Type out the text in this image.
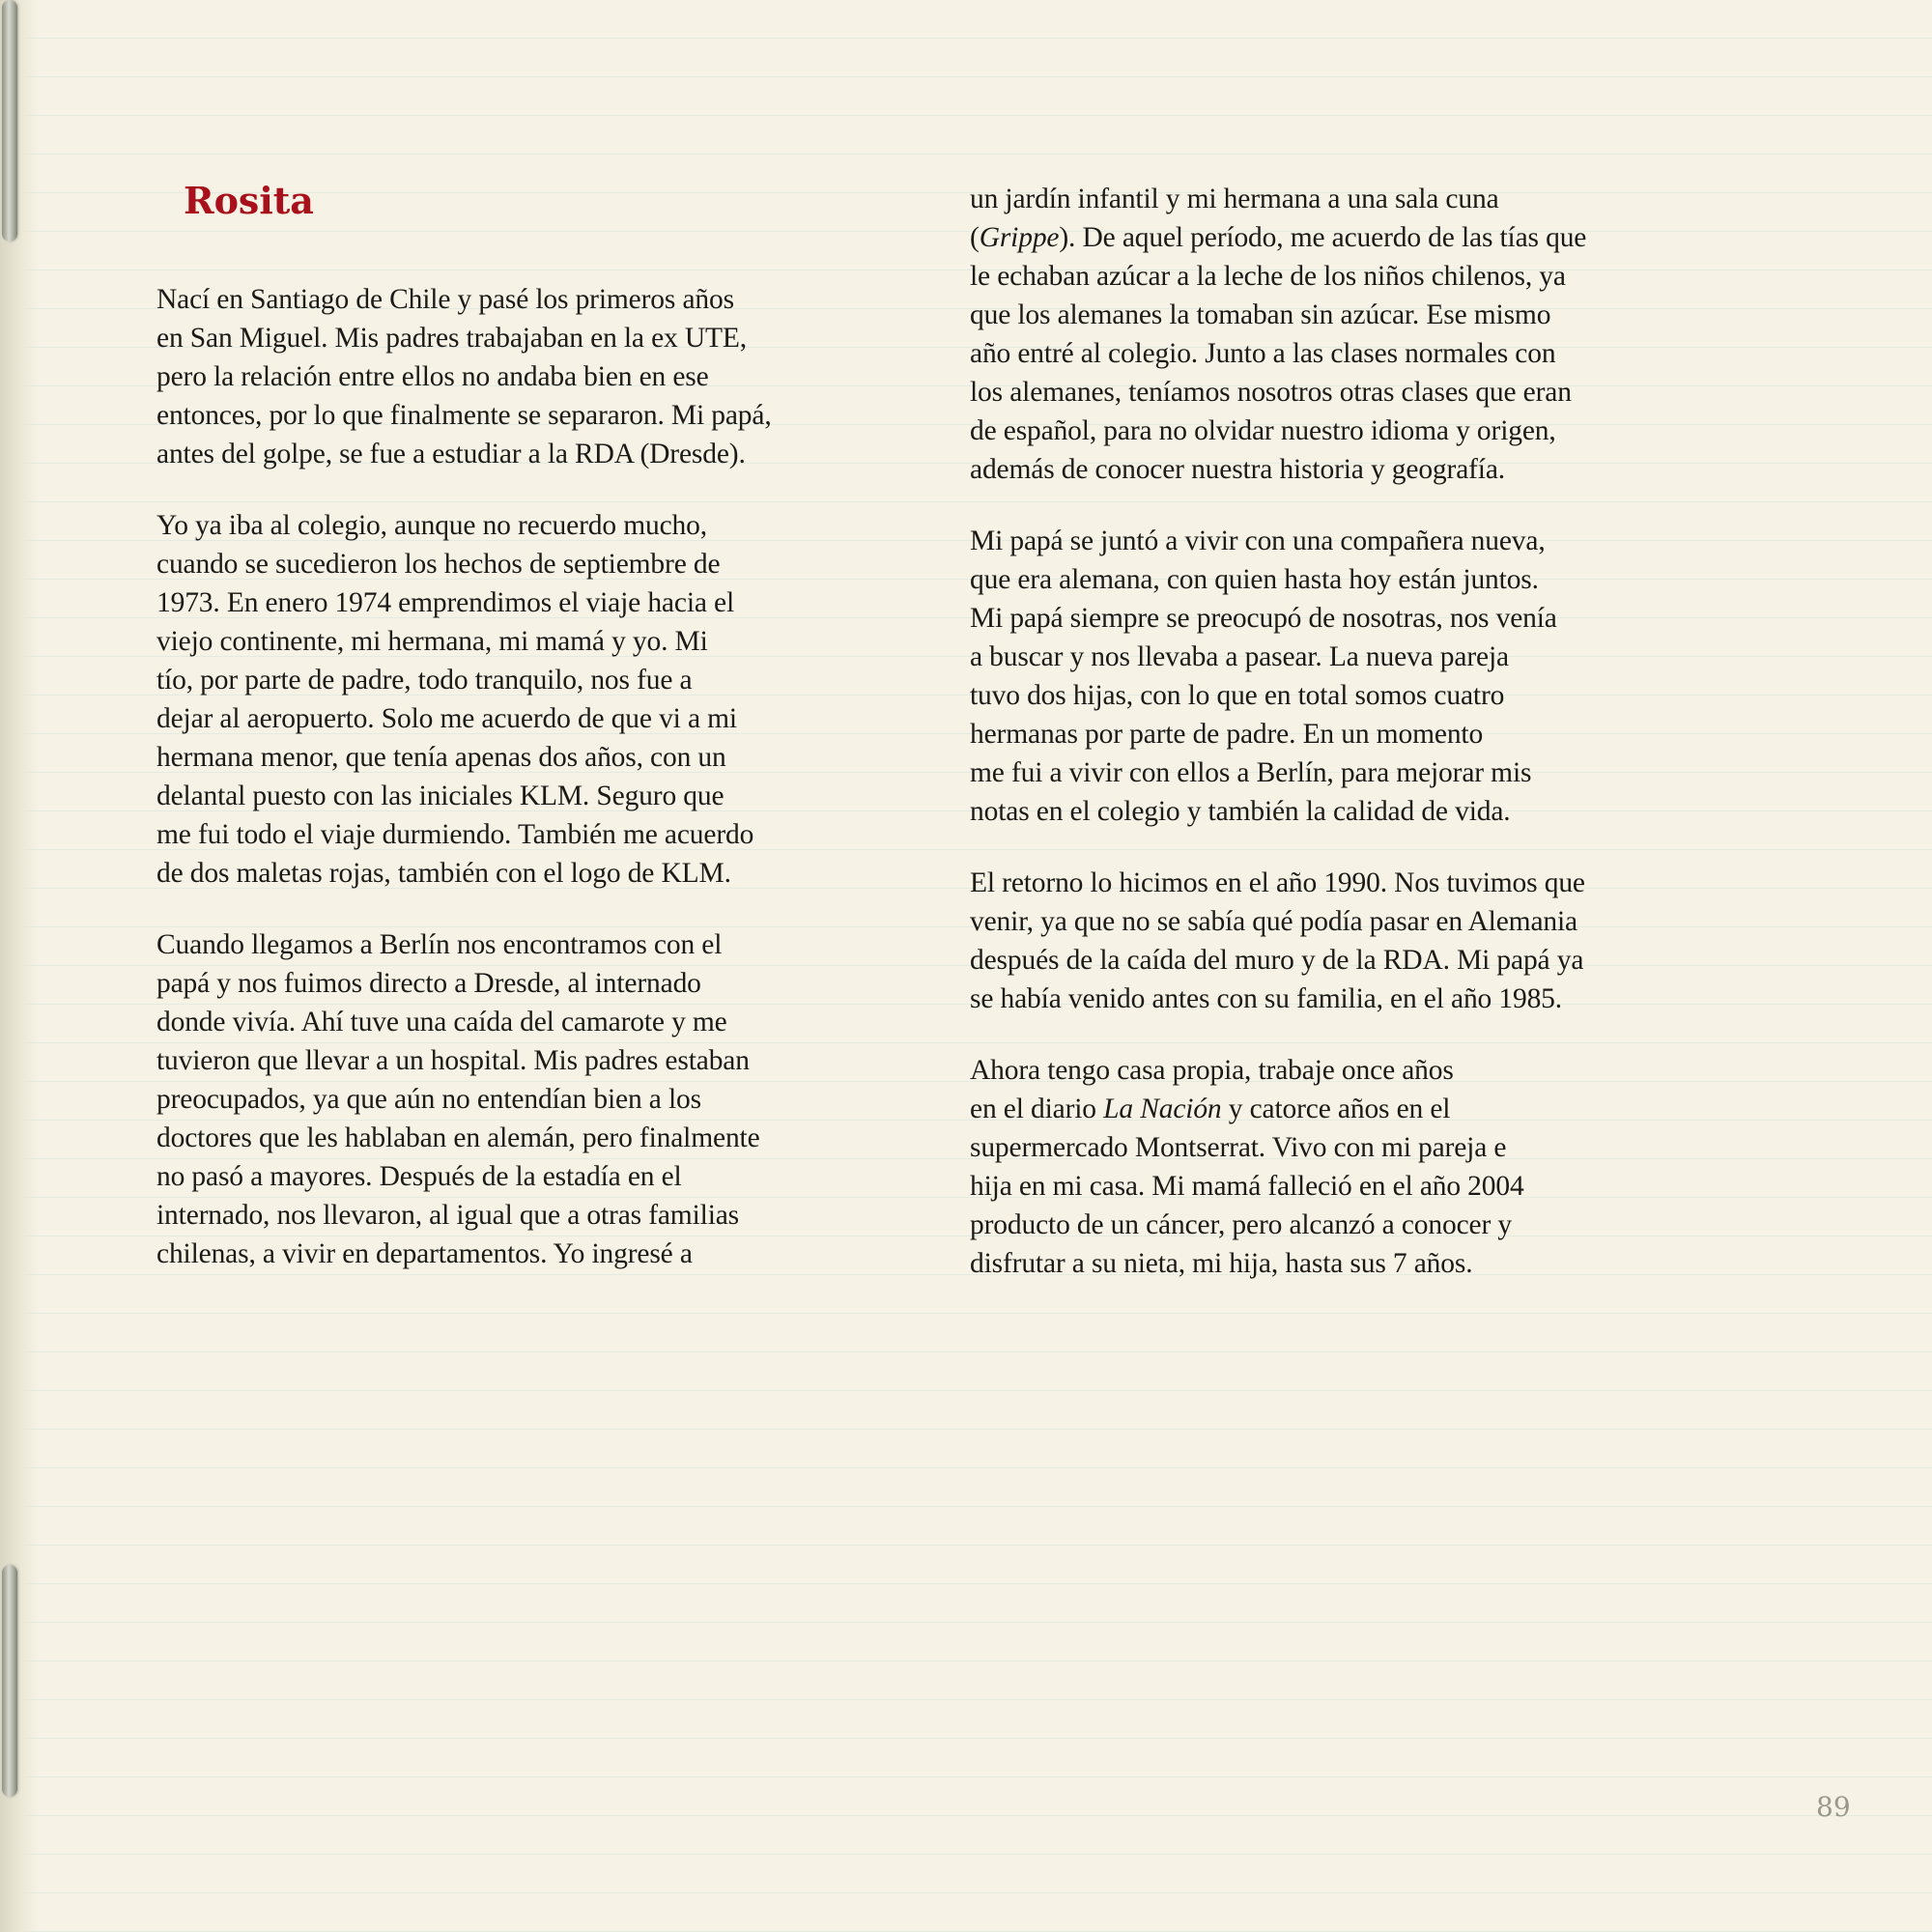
Rosita

Nací en Santiago de Chile y pasé los primeros años
en San Miguel. Mis padres trabajaban en la ex UTE,
pero la relación entre ellos no andaba bien en ese
entonces, por lo que finalmente se separaron. Mi papá,
antes del golpe, se fue a estudiar a la RDA (Dresde).

Yo ya iba al colegio, aunque no recuerdo mucho,
cuando se sucedieron los hechos de septiembre de
1973. En enero 1974 emprendimos el viaje hacia el
viejo continente, mi hermana, mi mamá y yo. Mi
tío, por parte de padre, todo tranquilo, nos fue a
dejar al aeropuerto. Solo me acuerdo de que vi a mi
hermana menor, que tenía apenas dos años, con un
delantal puesto con las iniciales KLM. Seguro que
me fui todo el viaje durmiendo. También me acuerdo
de dos maletas rojas, también con el logo de KLM.

Cuando llegamos a Berlín nos encontramos con el
papá y nos fuimos directo a Dresde, al internado
donde vivía. Ahí tuve una caída del camarote y me
tuvieron que llevar a un hospital. Mis padres estaban
preocupados, ya que aún no entendían bien a los
doctores que les hablaban en alemán, pero finalmente
no pasó a mayores. Después de la estadía en el
internado, nos llevaron, al igual que a otras familias
chilenas, a vivir en departamentos. Yo ingresé a

un jardín infantil y mi hermana a una sala cuna
(Grippe). De aquel período, me acuerdo de las tías que
le echaban azúcar a la leche de los niños chilenos, ya
que los alemanes la tomaban sin azúcar. Ese mismo
año entré al colegio. Junto a las clases normales con
los alemanes, teníamos nosotros otras clases que eran
de español, para no olvidar nuestro idioma y origen,
además de conocer nuestra historia y geografía.

Mi papá se juntó a vivir con una compañera nueva,
que era alemana, con quien hasta hoy están juntos.
Mi papá siempre se preocupó de nosotras, nos venía
a buscar y nos llevaba a pasear. La nueva pareja
tuvo dos hijas, con lo que en total somos cuatro
hermanas por parte de padre. En un momento
me fui a vivir con ellos a Berlín, para mejorar mis
notas en el colegio y también la calidad de vida.

El retorno lo hicimos en el año 1990. Nos tuvimos que
venir, ya que no se sabía qué podía pasar en Alemania
después de la caída del muro y de la RDA. Mi papá ya
se había venido antes con su familia, en el año 1985.

Ahora tengo casa propia, trabaje once años
en el diario La Nación y catorce años en el
supermercado Montserrat. Vivo con mi pareja e
hija en mi casa. Mi mamá falleció en el año 2004
producto de un cáncer, pero alcanzó a conocer y
disfrutar a su nieta, mi hija, hasta sus 7 años.

89
